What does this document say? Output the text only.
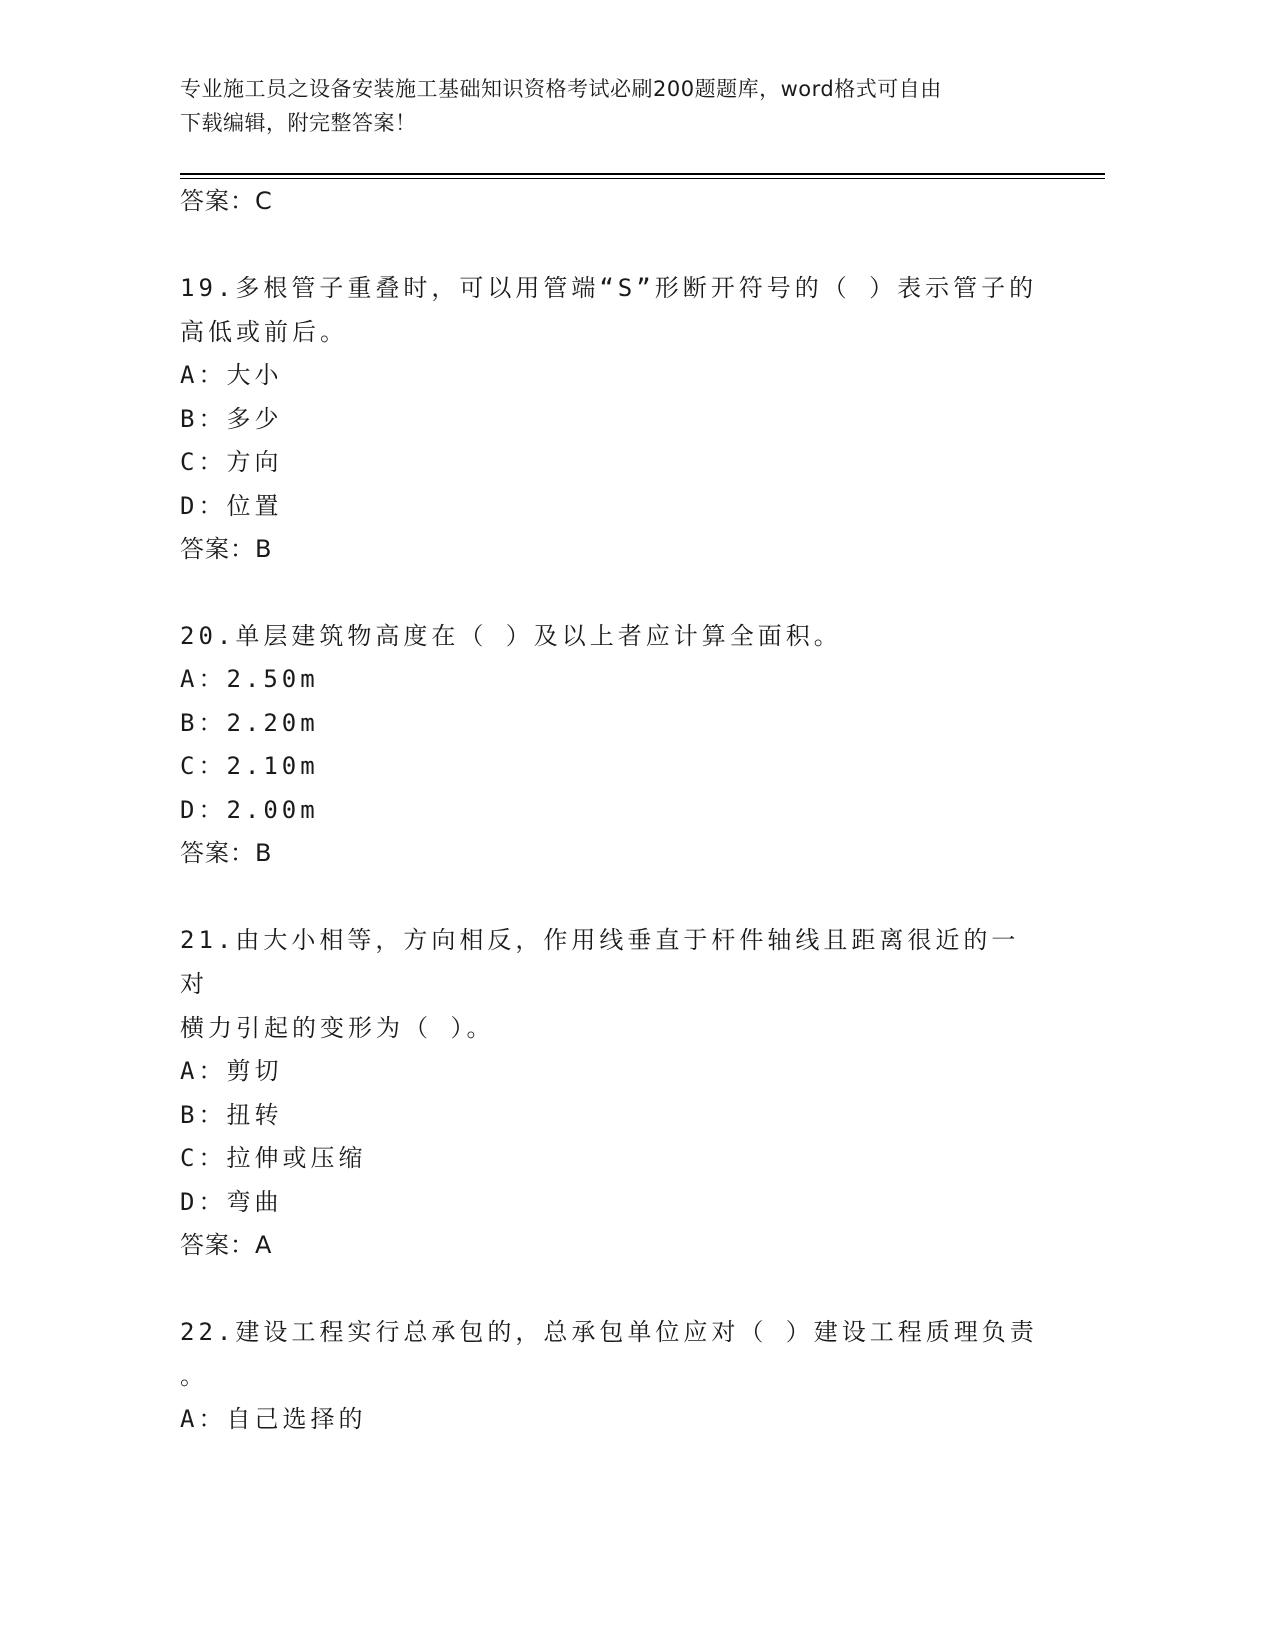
专业施工员之设备安装施工基础知识资格考试必刷200题题库，word格式可自由
下载编辑，附完整答案！
答案：C
19.多根管子重叠时，可以用管端“S”形断开符号的（ ）表示管子的
高低或前后。
A：大小
B：多少
C：方向
D：位置
答案：B
20.单层建筑物高度在（ ）及以上者应计算全面积。
A：2.50m
B：2.20m
C：2.10m
D：2.00m
答案：B
21.由大小相等，方向相反，作用线垂直于杆件轴线且距离很近的一对
横力引起的变形为（ ）。
A：剪切
B：扭转
C：拉伸或压缩
D：弯曲
答案：A
22.建设工程实行总承包的，总承包单位应对（ ）建设工程质理负责
。
A：自己选择的
